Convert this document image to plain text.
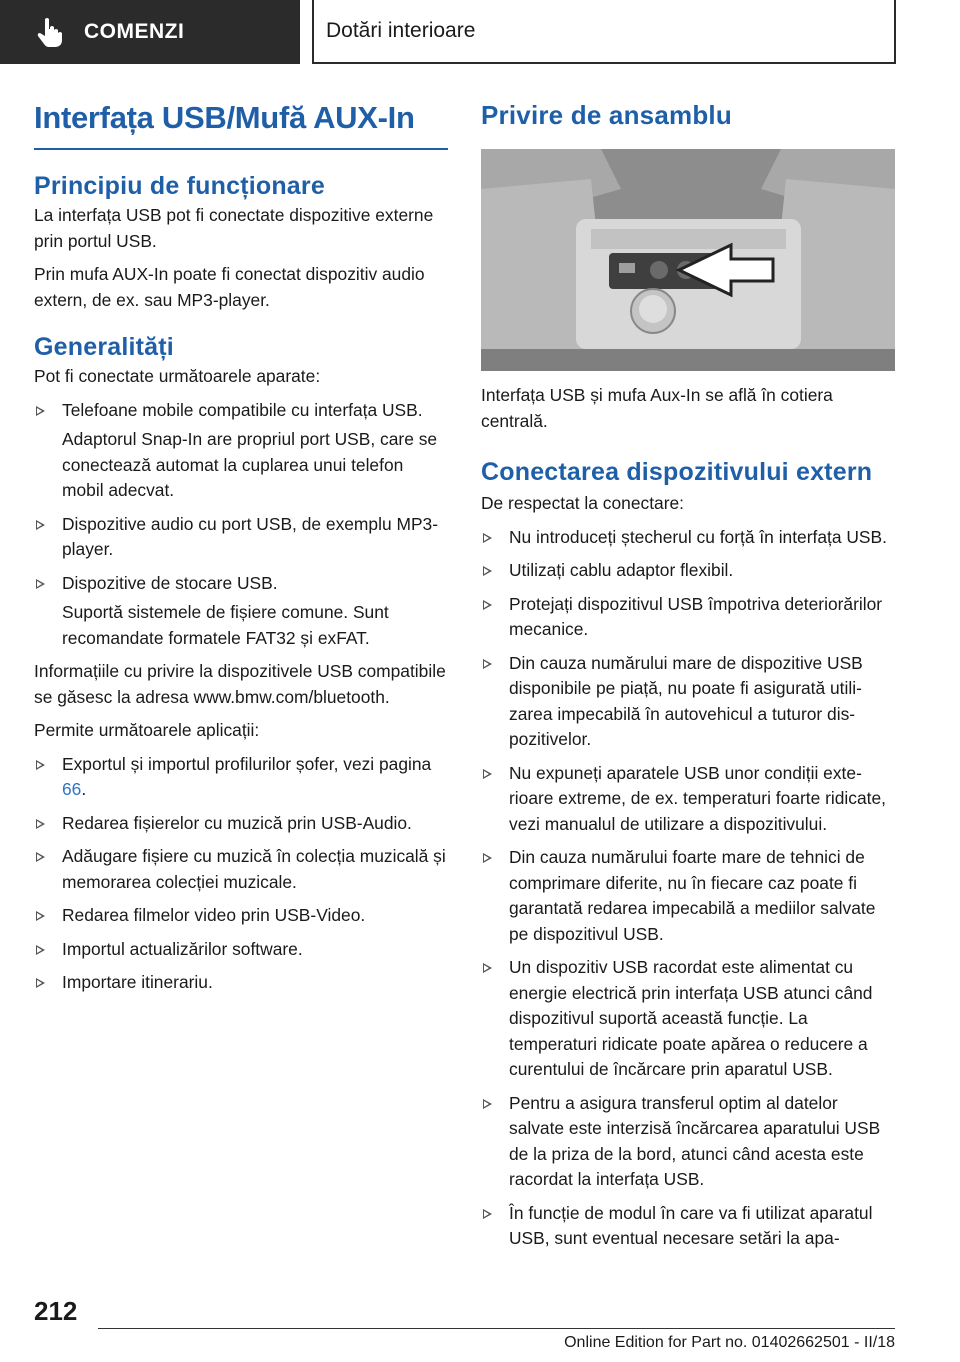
COMENZI	Dotări interioare
Interfața USB/Mufă AUX-In
Principiu de funcționare

La interfața USB pot fi conectate dispozitive externe prin portul USB.

Prin mufa AUX-In poate fi conectat dispozitiv audio extern, de ex. sau MP3-player.

Generalități

Pot fi conectate următoarele aparate:

Telefoane mobile compatibile cu interfața USB.
Adaptorul Snap-In are propriul port USB, care se conectează automat la cuplarea unui telefon mobil adecvat.
Dispozitive audio cu port USB, de exemplu MP3-player.
Dispozitive de stocare USB.
Suportă sistemele de fișiere comune. Sunt recomandate formatele FAT32 și exFAT.

Informațiile cu privire la dispozitivele USB compatibile se găsesc la adresa www.bmw.com/bluetooth.

Permite următoarele aplicații:

Exportul și importul profilurilor șofer, vezi pagina 66.
Redarea fișierelor cu muzică prin USB-Audio.
Adăugare fișiere cu muzică în colecția muzicală și memorarea colecției muzicale.
Redarea filmelor video prin USB-Video.
Importul actualizărilor software.
Importare itinerariu.
Privire de ansamblu

Interfața USB și mufa Aux-In se află în cotiera centrală.

Conectarea dispozitivului extern

De respectat la conectare:

Nu introduceți ștecherul cu forță în interfața USB.
Utilizați cablu adaptor flexibil.
Protejați dispozitivul USB împotriva deteriorărilor mecanice.
Din cauza numărului mare de dispozitive USB disponibile pe piață, nu poate fi asigurată utilizarea impecabilă în autovehicul a tuturor dispozitivelor.
Nu expuneți aparatele USB unor condiții exterioare extreme, de ex. temperaturi foarte ridicate, vezi manualul de utilizare a dispozitivului.
Din cauza numărului foarte mare de tehnici de comprimare diferite, nu în fiecare caz poate fi garantată redarea impecabilă a mediilor salvate pe dispozitivul USB.
Un dispozitiv USB racordat este alimentat cu energie electrică prin interfața USB atunci când dispozitivul suportă această funcție. La temperaturi ridicate poate apărea o reducere a curentului de încărcare prin aparatul USB.
Pentru a asigura transferul optim al datelor salvate este interzisă încărcarea aparatului USB de la priza de la bord, atunci când acesta este racordat la interfața USB.
În funcție de modul în care va fi utilizat aparatul USB, sunt eventual necesare setări la apa-
212
Online Edition for Part no. 01402662501 - II/18
